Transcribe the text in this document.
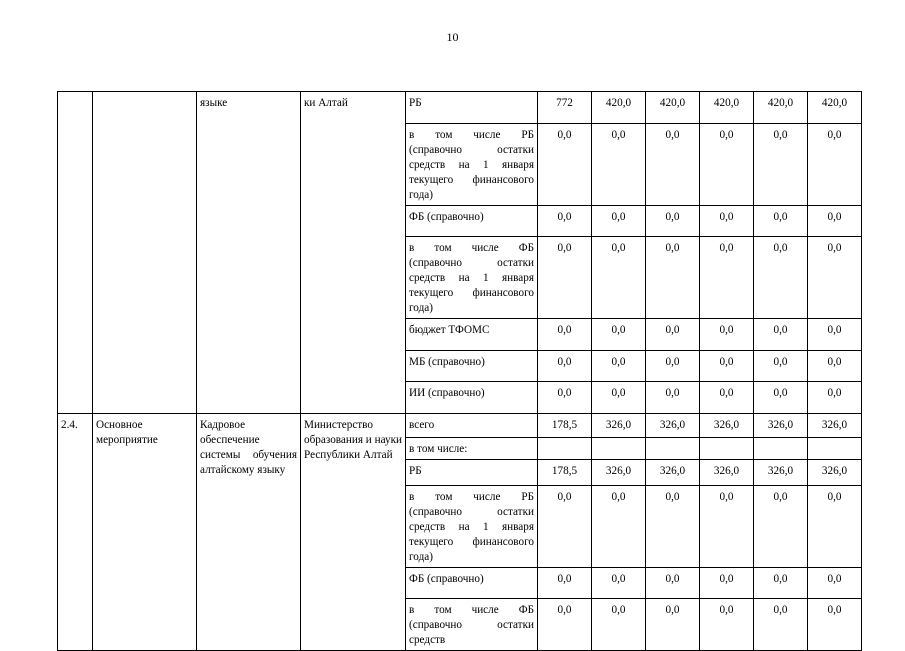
10
		языке	ки Алтай	РБ	772	420,0	420,0	420,0	420,0	420,0
				в том числе РБ (справочно остатки средств на 1 января текущего финансового года)	0,0	0,0	0,0	0,0	0,0	0,0
				ФБ (справочно)	0,0	0,0	0,0	0,0	0,0	0,0
				в том числе ФБ (справочно остатки средств на 1 января текущего финансового года)	0,0	0,0	0,0	0,0	0,0	0,0
				бюджет ТФОМС	0,0	0,0	0,0	0,0	0,0	0,0
				МБ (справочно)	0,0	0,0	0,0	0,0	0,0	0,0
				ИИ (справочно)	0,0	0,0	0,0	0,0	0,0	0,0
2.4.	Основное мероприятие	Кадровое обеспечение системы обучения алтайскому языку	Министерство образования и науки Республики Алтай	всего	178,5	326,0	326,0	326,0	326,0	326,0
				в том числе:						
				РБ	178,5	326,0	326,0	326,0	326,0	326,0
				в том числе РБ (справочно остатки средств на 1 января текущего финансового года)	0,0	0,0	0,0	0,0	0,0	0,0
				ФБ (справочно)	0,0	0,0	0,0	0,0	0,0	0,0
				в том числе ФБ (справочно остатки средств	0,0	0,0	0,0	0,0	0,0	0,0
